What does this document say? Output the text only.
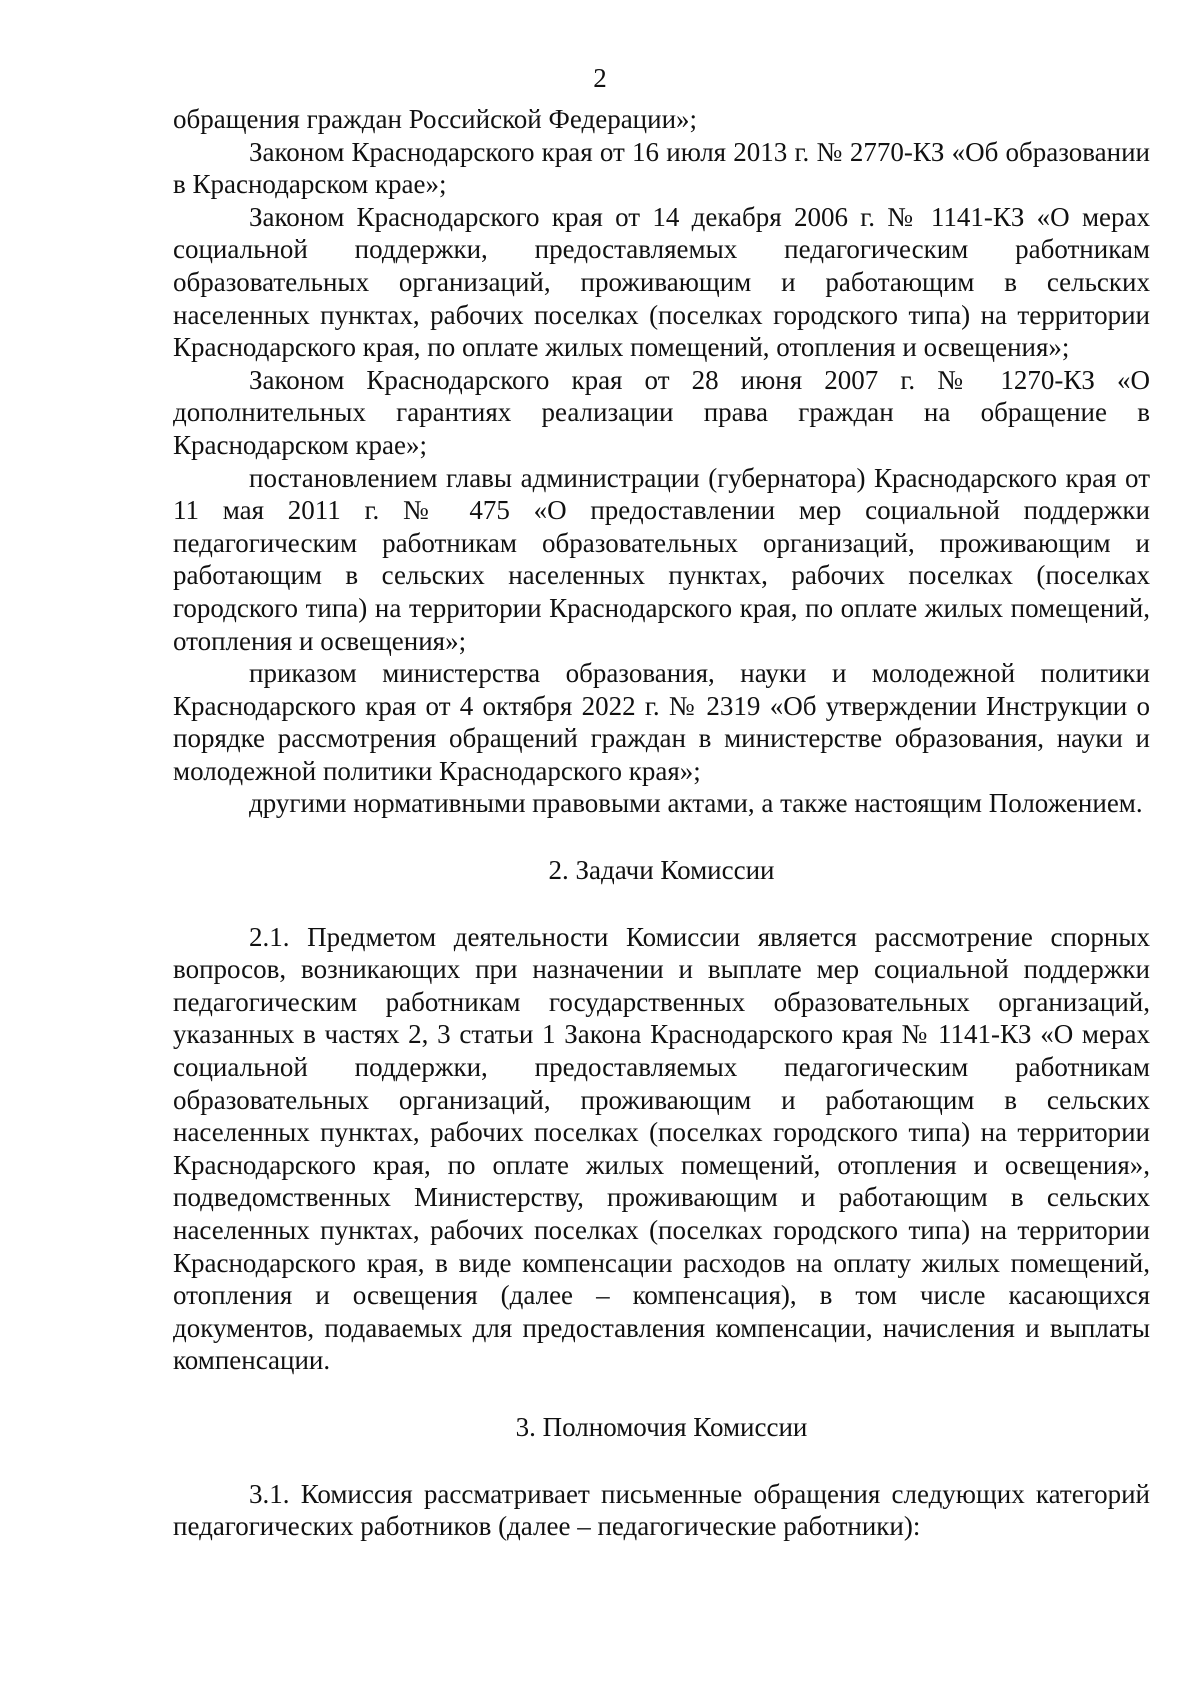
2

обращения граждан Российской Федерации»;

Законом Краснодарского края от 16 июля 2013 г. № 2770-КЗ «Об образовании в Краснодарском крае»;

Законом Краснодарского края от 14 декабря 2006 г. № 1141-КЗ «О мерах социальной поддержки, предоставляемых педагогическим работникам образовательных организаций, проживающим и работающим в сельских населенных пунктах, рабочих поселках (поселках городского типа) на территории Краснодарского края, по оплате жилых помещений, отопления и освещения»;

Законом Краснодарского края от 28 июня 2007 г. № 1270-КЗ «О дополнительных гарантиях реализации права граждан на обращение в Краснодарском крае»;

постановлением главы администрации (губернатора) Краснодарского края от 11 мая 2011 г. № 475 «О предоставлении мер социальной поддержки педагогическим работникам образовательных организаций, проживающим и работающим в сельских населенных пунктах, рабочих поселках (поселках городского типа) на территории Краснодарского края, по оплате жилых помещений, отопления и освещения»;

приказом министерства образования, науки и молодежной политики Краснодарского края от 4 октября 2022 г. № 2319 «Об утверждении Инструкции о порядке рассмотрения обращений граждан в министерстве образования, науки и молодежной политики Краснодарского края»;

другими нормативными правовыми актами, а также настоящим Положением.

2. Задачи Комиссии

2.1. Предметом деятельности Комиссии является рассмотрение спорных вопросов, возникающих при назначении и выплате мер социальной поддержки педагогическим работникам государственных образовательных организаций, указанных в частях 2, 3 статьи 1 Закона Краснодарского края № 1141-КЗ «О мерах социальной поддержки, предоставляемых педагогическим работникам образовательных организаций, проживающим и работающим в сельских населенных пунктах, рабочих поселках (поселках городского типа) на территории Краснодарского края, по оплате жилых помещений, отопления и освещения», подведомственных Министерству, проживающим и работающим в сельских населенных пунктах, рабочих поселках (поселках городского типа) на территории Краснодарского края, в виде компенсации расходов на оплату жилых помещений, отопления и освещения (далее – компенсация), в том числе касающихся документов, подаваемых для предоставления компенсации, начисления и выплаты компенсации.

3. Полномочия Комиссии

3.1. Комиссия рассматривает письменные обращения следующих категорий педагогических работников (далее – педагогические работники):
